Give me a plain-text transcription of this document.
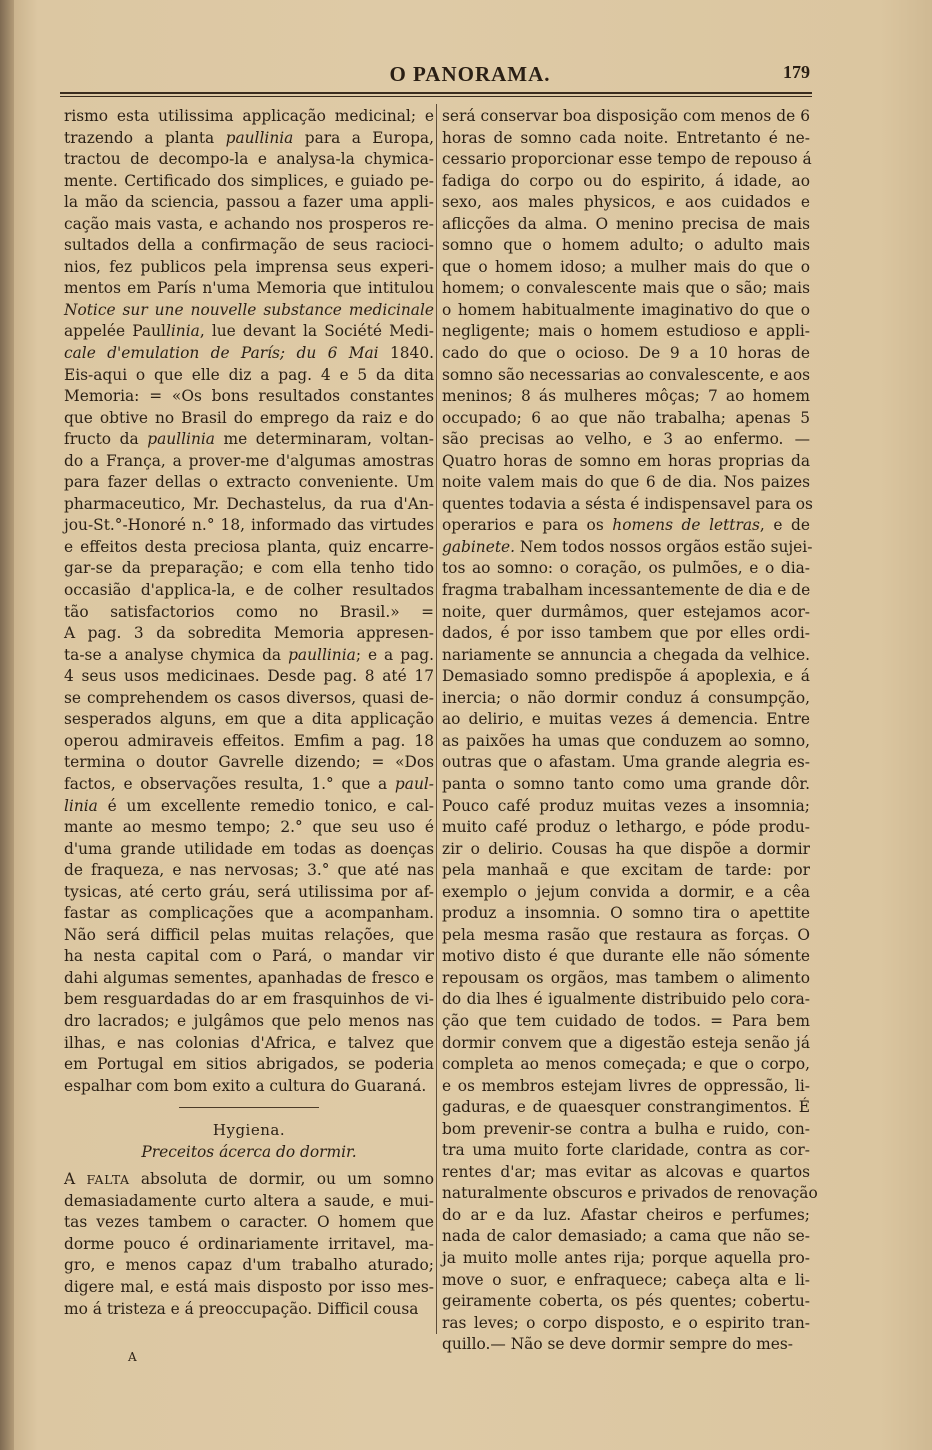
O PANORAMA.	179
rismo esta utilissima applicação medicinal; e
trazendo a planta paullinia para a Europa,
tractou de decompo-la e analysa-la chymica-
mente. Certificado dos simplices, e guiado pe-
la mão da sciencia, passou a fazer uma appli-
cação mais vasta, e achando nos prosperos re-
sultados della a confirmação de seus racioci-
nios, fez publicos pela imprensa seus experi-
mentos em París n'uma Memoria que intitulou
Notice sur une nouvelle substance medicinale
appelée Paullinia, lue devant la Société Medi-
cale d'emulation de París; du 6 Mai 1840.
Eis-aqui o que elle diz a pag. 4 e 5 da dita
Memoria: = «Os bons resultados constantes
que obtive no Brasil do emprego da raiz e do
fructo da paullinia me determinaram, voltan-
do a França, a prover-me d'algumas amostras
para fazer dellas o extracto conveniente. Um
pharmaceutico, Mr. Dechastelus, da rua d'An-
jou-St.°-Honoré n.° 18, informado das virtudes
e effeitos desta preciosa planta, quiz encarre-
gar-se da preparação; e com ella tenho tido
occasião d'applica-la, e de colher resultados
tão satisfactorios como no Brasil.» =
A pag. 3 da sobredita Memoria appresen-
ta-se a analyse chymica da paullinia; e a pag.
4 seus usos medicinaes. Desde pag. 8 até 17
se comprehendem os casos diversos, quasi de-
sesperados alguns, em que a dita applicação
operou admiraveis effeitos. Emfim a pag. 18
termina o doutor Gavrelle dizendo; = «Dos
factos, e observações resulta, 1.° que a paul-
linia é um excellente remedio tonico, e cal-
mante ao mesmo tempo; 2.° que seu uso é
d'uma grande utilidade em todas as doenças
de fraqueza, e nas nervosas; 3.° que até nas
tysicas, até certo gráu, será utilissima por af-
fastar as complicações que a acompanham.
Não será difficil pelas muitas relações, que
ha nesta capital com o Pará, o mandar vir
dahi algumas sementes, apanhadas de fresco e
bem resguardadas do ar em frasquinhos de vi-
dro lacrados; e julgâmos que pelo menos nas
ilhas, e nas colonias d'Africa, e talvez que
em Portugal em sitios abrigados, se poderia
espalhar com bom exito a cultura do Guaraná.
Hygiena.
Preceitos ácerca do dormir.
A FALTA absoluta de dormir, ou um somno
demasiadamente curto altera a saude, e mui-
tas vezes tambem o caracter. O homem que
dorme pouco é ordinariamente irritavel, ma-
gro, e menos capaz d'um trabalho aturado;
digere mal, e está mais disposto por isso mes-
mo á tristeza e á preoccupação. Difficil cousa
será conservar boa disposição com menos de 6
horas de somno cada noite. Entretanto é ne-
cessario proporcionar esse tempo de repouso á
fadiga do corpo ou do espirito, á idade, ao
sexo, aos males physicos, e aos cuidados e
aflicções da alma. O menino precisa de mais
somno que o homem adulto; o adulto mais
que o homem idoso; a mulher mais do que o
homem; o convalescente mais que o são; mais
o homem habitualmente imaginativo do que o
negligente; mais o homem estudioso e appli-
cado do que o ocioso. De 9 a 10 horas de
somno são necessarias ao convalescente, e aos
meninos; 8 ás mulheres môças; 7 ao homem
occupado; 6 ao que não trabalha; apenas 5
são precisas ao velho, e 3 ao enfermo. —
Quatro horas de somno em horas proprias da
noite valem mais do que 6 de dia. Nos paizes
quentes todavia a sésta é indispensavel para os
operarios e para os homens de lettras, e de
gabinete. Nem todos nossos orgãos estão sujei-
tos ao somno: o coração, os pulmões, e o dia-
fragma trabalham incessantemente de dia e de
noite, quer durmâmos, quer estejamos acor-
dados, é por isso tambem que por elles ordi-
nariamente se annuncia a chegada da velhice.
Demasiado somno predispõe á apoplexia, e á
inercia; o não dormir conduz á consumpção,
ao delirio, e muitas vezes á demencia. Entre
as paixões ha umas que conduzem ao somno,
outras que o afastam. Uma grande alegria es-
panta o somno tanto como uma grande dôr.
Pouco café produz muitas vezes a insomnia;
muito café produz o lethargo, e póde produ-
zir o delirio. Cousas ha que dispõe a dormir
pela manhaã e que excitam de tarde: por
exemplo o jejum convida a dormir, e a cêa
produz a insomnia. O somno tira o apettite
pela mesma rasão que restaura as forças. O
motivo disto é que durante elle não sómente
repousam os orgãos, mas tambem o alimento
do dia lhes é igualmente distribuido pelo cora-
ção que tem cuidado de todos. = Para bem
dormir convem que a digestão esteja senão já
completa ao menos começada; e que o corpo,
e os membros estejam livres de oppressão, li-
gaduras, e de quaesquer constrangimentos. É
bom prevenir-se contra a bulha e ruido, con-
tra uma muito forte claridade, contra as cor-
rentes d'ar; mas evitar as alcovas e quartos
naturalmente obscuros e privados de renovação
do ar e da luz. Afastar cheiros e perfumes;
nada de calor demasiado; a cama que não se-
ja muito molle antes rija; porque aquella pro-
move o suor, e enfraquece; cabeça alta e li-
geiramente coberta, os pés quentes; cobertu-
ras leves; o corpo disposto, e o espirito tran-
quillo.— Não se deve dormir sempre do mes-
A
